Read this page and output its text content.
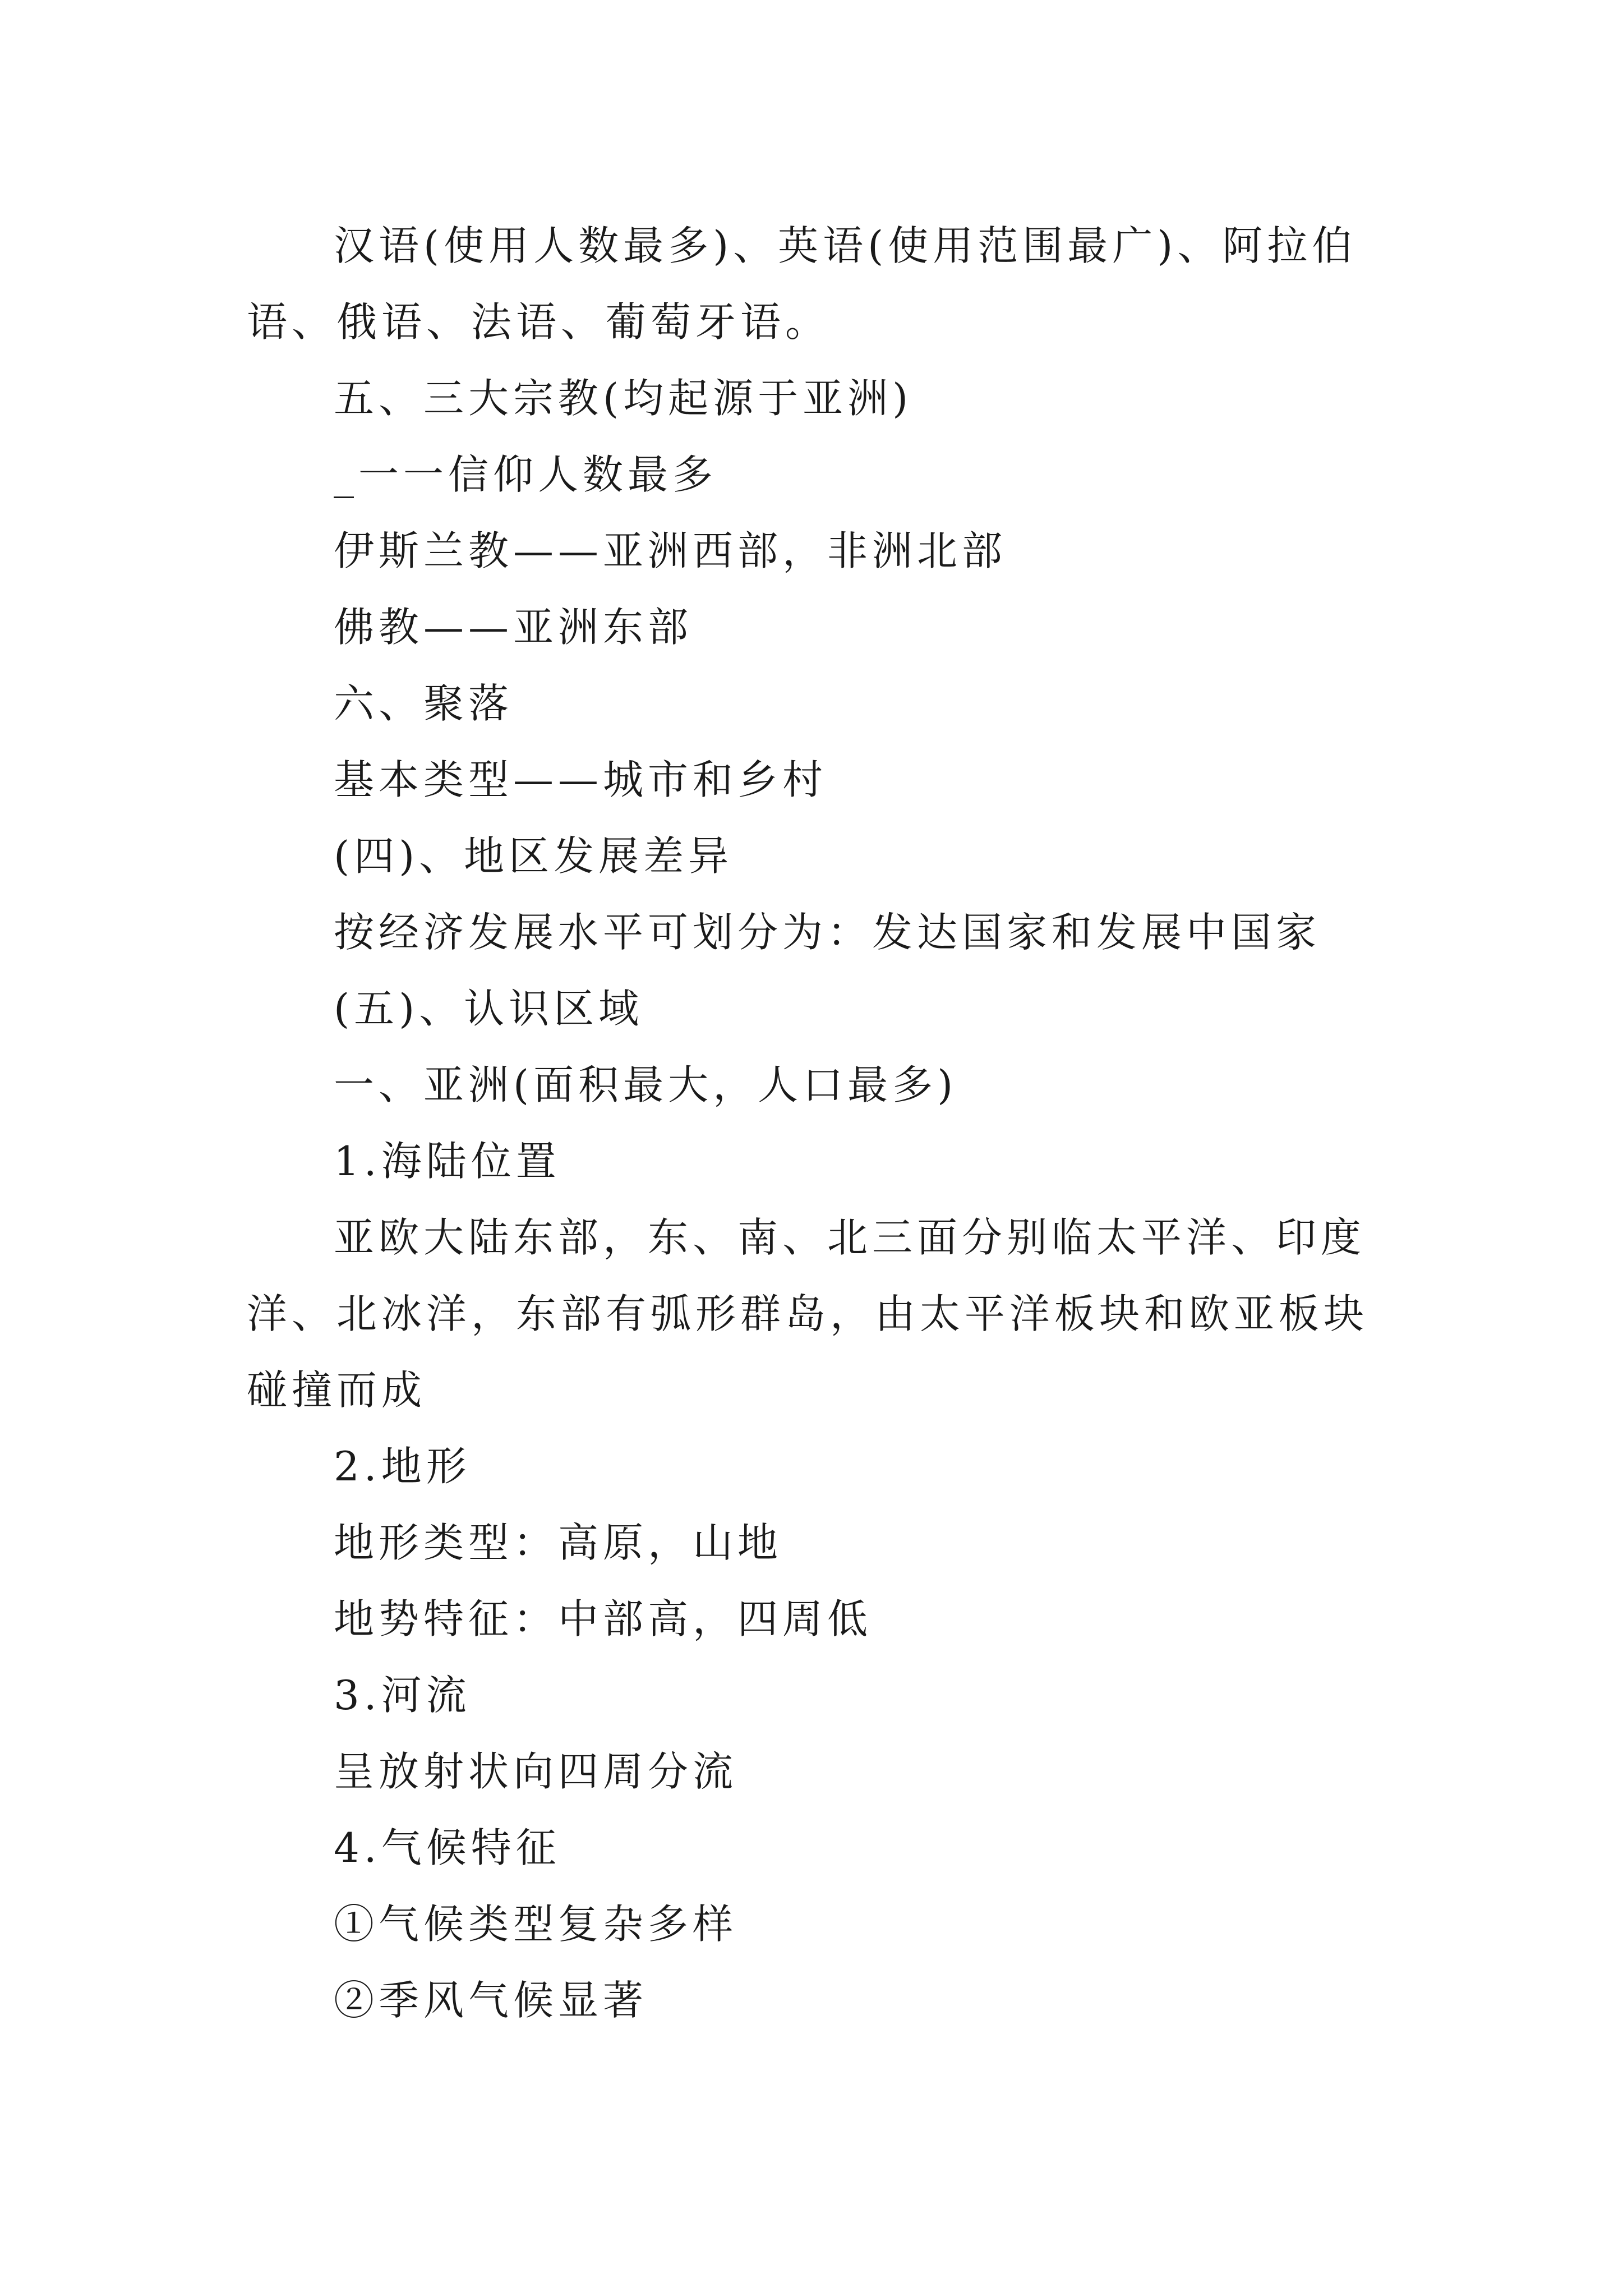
汉语(使用人数最多)、英语(使用范围最广)、阿拉伯语、俄语、法语、葡萄牙语。
五、三大宗教(均起源于亚洲)
_一一信仰人数最多
伊斯兰教——亚洲西部，非洲北部
佛教——亚洲东部
六、聚落
基本类型——城市和乡村
(四)、地区发展差异
按经济发展水平可划分为：发达国家和发展中国家
(五)、认识区域
一、亚洲(面积最大，人口最多)
1.海陆位置
亚欧大陆东部，东、南、北三面分别临太平洋、印度洋、北冰洋，东部有弧形群岛，由太平洋板块和欧亚板块碰撞而成
2.地形
地形类型：高原，山地
地势特征：中部高，四周低
3.河流
呈放射状向四周分流
4.气候特征
①气候类型复杂多样
②季风气候显著
